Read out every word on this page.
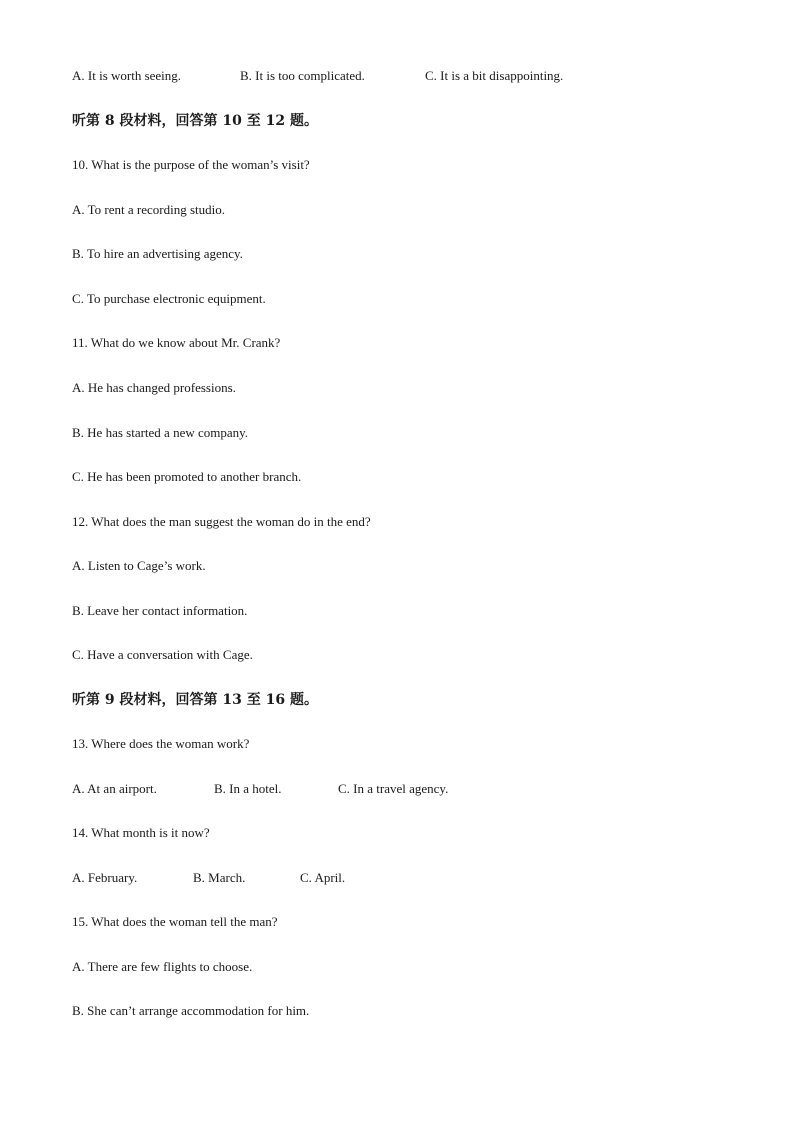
A. It is worth seeing.	B. It is too complicated.	C. It is a bit disappointing.
听第 8 段材料，回答第 10 至 12 题。
10. What is the purpose of the woman’s visit?
A. To rent a recording studio.
B. To hire an advertising agency.
C. To purchase electronic equipment.
11. What do we know about Mr. Crank?
A. He has changed professions.
B. He has started a new company.
C. He has been promoted to another branch.
12. What does the man suggest the woman do in the end?
A. Listen to Cage’s work.
B. Leave her contact information.
C. Have a conversation with Cage.
听第 9 段材料，回答第 13 至 16 题。
13. Where does the woman work?
A. At an airport.	B. In a hotel.	C. In a travel agency.
14. What month is it now?
A. February.	B. March.	C. April.
15. What does the woman tell the man?
A. There are few flights to choose.
B. She can’t arrange accommodation for him.
